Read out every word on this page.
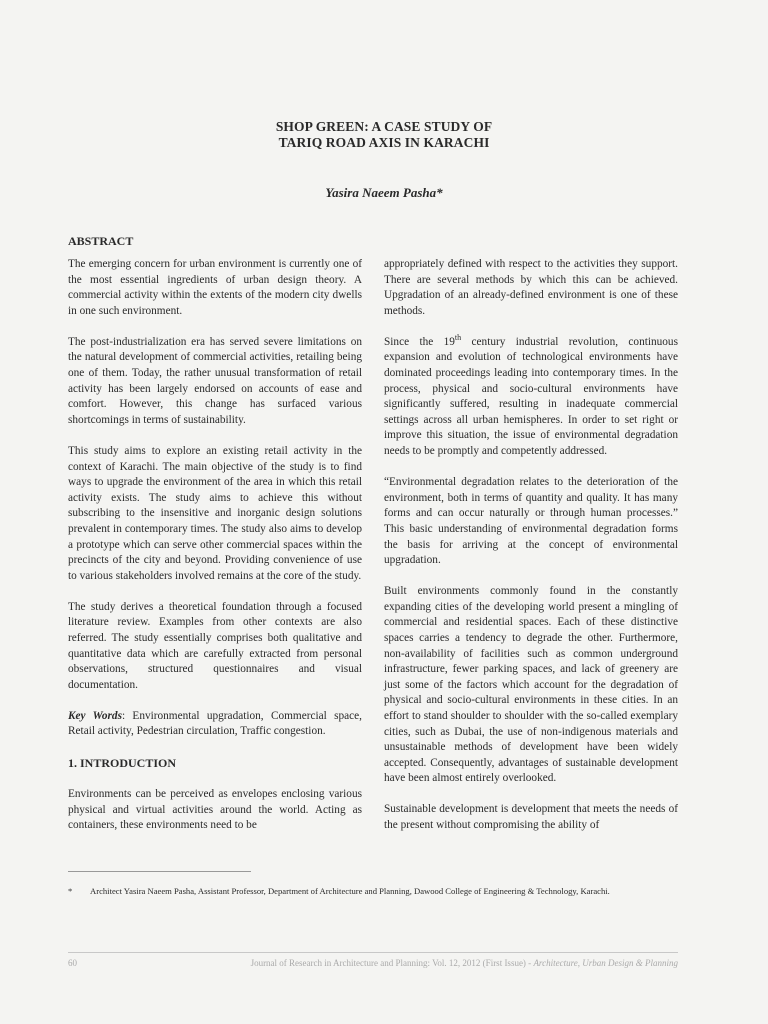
SHOP GREEN: A CASE STUDY OF
TARIQ ROAD AXIS IN KARACHI
Yasira Naeem Pasha*
ABSTRACT

The emerging concern for urban environment is currently one of the most essential ingredients of urban design theory. A commercial activity within the extents of the modern city dwells in one such environment.

The post-industrialization era has served severe limitations on the natural development of commercial activities, retailing being one of them. Today, the rather unusual transformation of retail activity has been largely endorsed on accounts of ease and comfort. However, this change has surfaced various shortcomings in terms of sustainability.

This study aims to explore an existing retail activity in the context of Karachi. The main objective of the study is to find ways to upgrade the environment of the area in which this retail activity exists. The study aims to achieve this without subscribing to the insensitive and inorganic design solutions prevalent in contemporary times. The study also aims to develop a prototype which can serve other commercial spaces within the precincts of the city and beyond. Providing convenience of use to various stakeholders involved remains at the core of the study.

The study derives a theoretical foundation through a focused literature review. Examples from other contexts are also referred. The study essentially comprises both qualitative and quantitative data which are carefully extracted from personal observations, structured questionnaires and visual documentation.

Key Words: Environmental upgradation, Commercial space, Retail activity, Pedestrian circulation, Traffic congestion.

1. INTRODUCTION

Environments can be perceived as envelopes enclosing various physical and virtual activities around the world. Acting as containers, these environments need to be

appropriately defined with respect to the activities they support. There are several methods by which this can be achieved. Upgradation of an already-defined environment is one of these methods.

Since the 19th century industrial revolution, continuous expansion and evolution of technological environments have dominated proceedings leading into contemporary times. In the process, physical and socio-cultural environments have significantly suffered, resulting in inadequate commercial settings across all urban hemispheres. In order to set right or improve this situation, the issue of environmental degradation needs to be promptly and competently addressed.

“Environmental degradation relates to the deterioration of the environment, both in terms of quantity and quality. It has many forms and can occur naturally or through human processes.” This basic understanding of environmental degradation forms the basis for arriving at the concept of environmental upgradation.

Built environments commonly found in the constantly expanding cities of the developing world present a mingling of commercial and residential spaces. Each of these distinctive spaces carries a tendency to degrade the other. Furthermore, non-availability of facilities such as common underground infrastructure, fewer parking spaces, and lack of greenery are just some of the factors which account for the degradation of physical and socio-cultural environments in these cities. In an effort to stand shoulder to shoulder with the so-called exemplary cities, such as Dubai, the use of non-indigenous materials and unsustainable methods of development have been widely accepted. Consequently, advantages of sustainable development have been almost entirely overlooked.

Sustainable development is development that meets the needs of the present without compromising the ability of

* Architect Yasira Naeem Pasha, Assistant Professor, Department of Architecture and Planning, Dawood College of Engineering & Technology, Karachi.
60	Journal of Research in Architecture and Planning: Vol. 12, 2012 (First Issue) - Architecture, Urban Design & Planning
